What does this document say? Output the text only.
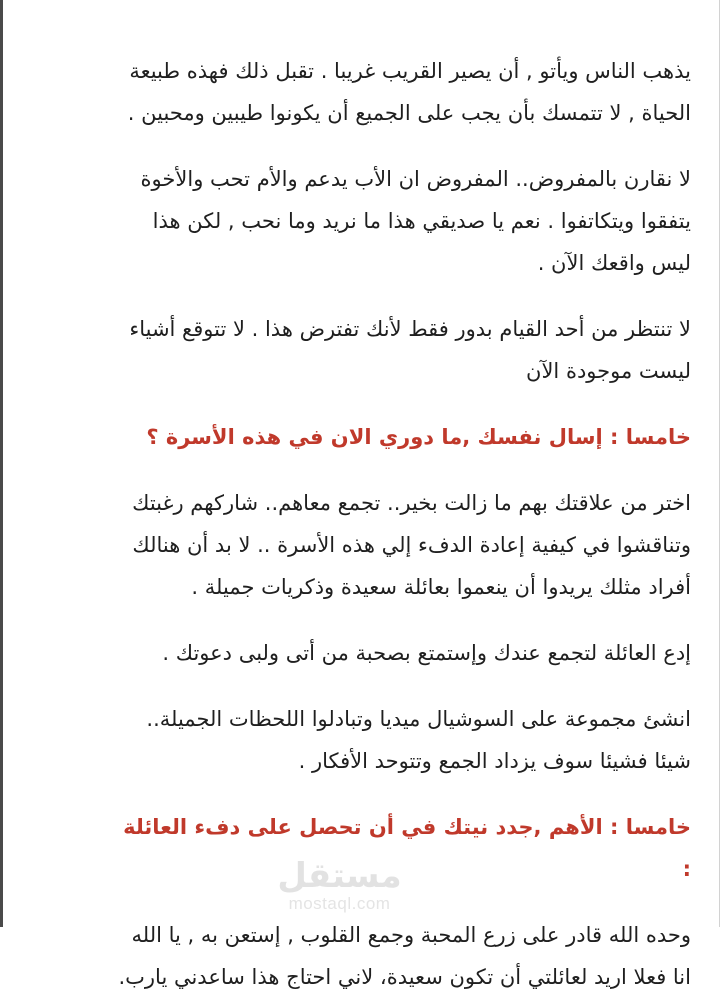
يذهب الناس ويأتو , أن يصير القريب غريبا . تقبل ذلك فهذه طبيعة الحياة , لا تتمسك بأن يجب على الجميع أن يكونوا طيبين ومحبين .

لا نقارن بالمفروض.. المفروض ان الأب يدعم والأم تحب والأخوة يتفقوا ويتكاتفوا . نعم يا صديقي هذا ما نريد وما نحب , لكن هذا ليس واقعك الآن .

لا تنتظر من أحد القيام بدور فقط لأنك تفترض هذا . لا تتوقع أشياء ليست موجودة الآن

خامسا : إسال نفسك ,ما دوري الان في هذه الأسرة ؟

اختر من علاقتك بهم ما زالت بخير.. تجمع معاهم.. شاركهم رغبتك وتناقشوا في كيفية إعادة الدفء إلي هذه الأسرة .. لا بد أن هنالك أفراد مثلك يريدوا أن ينعموا بعائلة سعيدة وذكريات جميلة .

إدع العائلة لتجمع عندك وإستمتع بصحبة من أتى ولبى دعوتك .

انشئ مجموعة على السوشيال ميديا وتبادلوا اللحظات الجميلة.. شيئا فشيئا سوف يزداد الجمع وتتوحد الأفكار .

خامسا : الأهم ,جدد نيتك في أن تحصل على دفء العائلة :

وحده الله قادر على زرع المحبة وجمع القلوب , إستعن به , يا الله انا فعلا اريد لعائلتي أن تكون سعيدة، لاني احتاج هذا ساعدني يارب.

مستقل
mostaql.com
